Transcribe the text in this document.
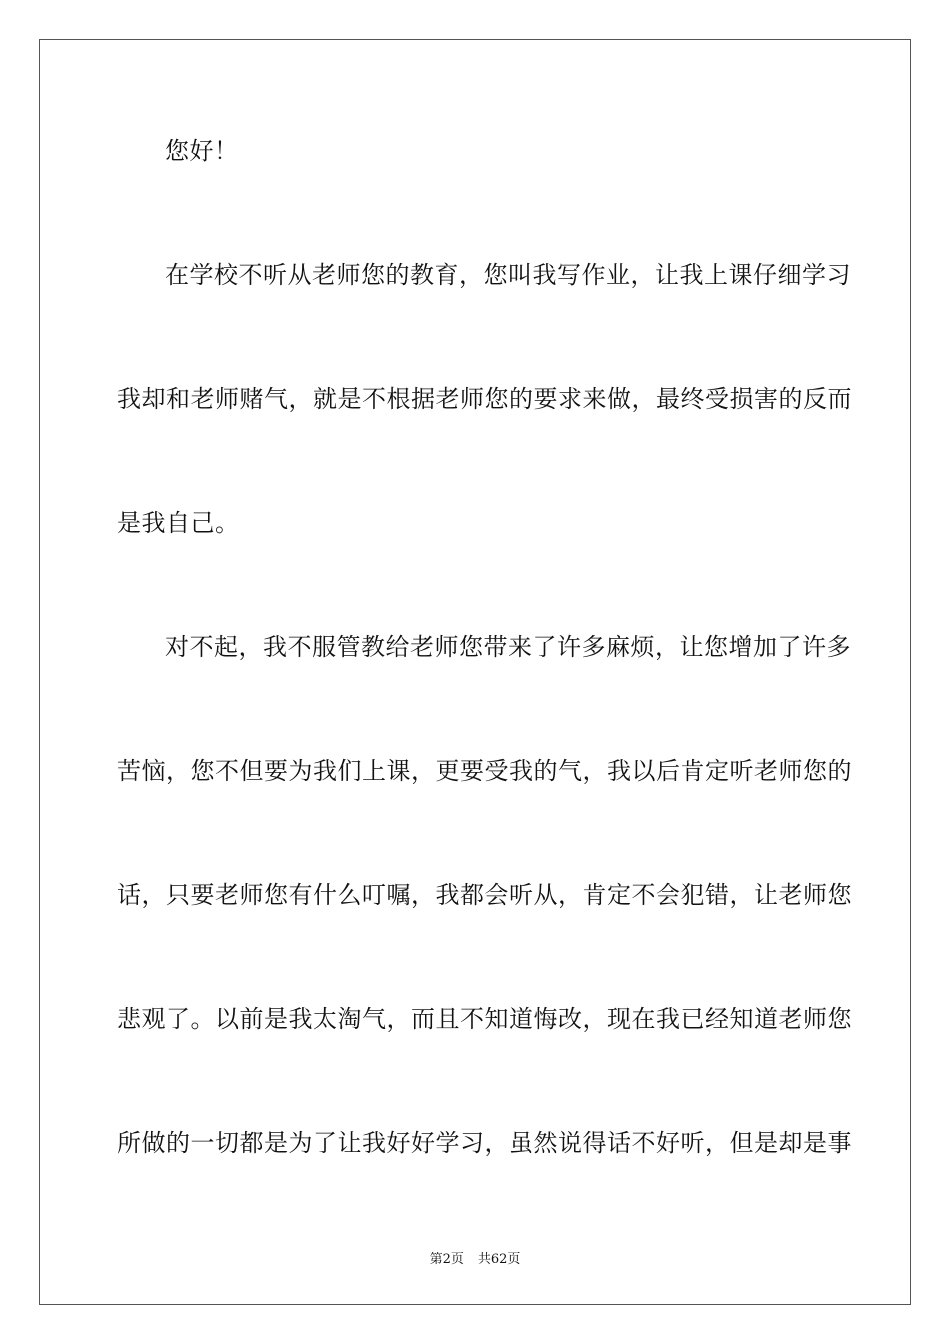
您好！
在学校不听从老师您的教育，您叫我写作业，让我上课仔细学习
我却和老师赌气，就是不根据老师您的要求来做，最终受损害的反而
是我自己。
对不起，我不服管教给老师您带来了许多麻烦，让您增加了许多
苦恼，您不但要为我们上课，更要受我的气，我以后肯定听老师您的
话，只要老师您有什么叮嘱，我都会听从，肯定不会犯错，让老师您
悲观了。以前是我太淘气，而且不知道悔改，现在我已经知道老师您
所做的一切都是为了让我好好学习，虽然说得话不好听，但是却是事
第2页 共62页
